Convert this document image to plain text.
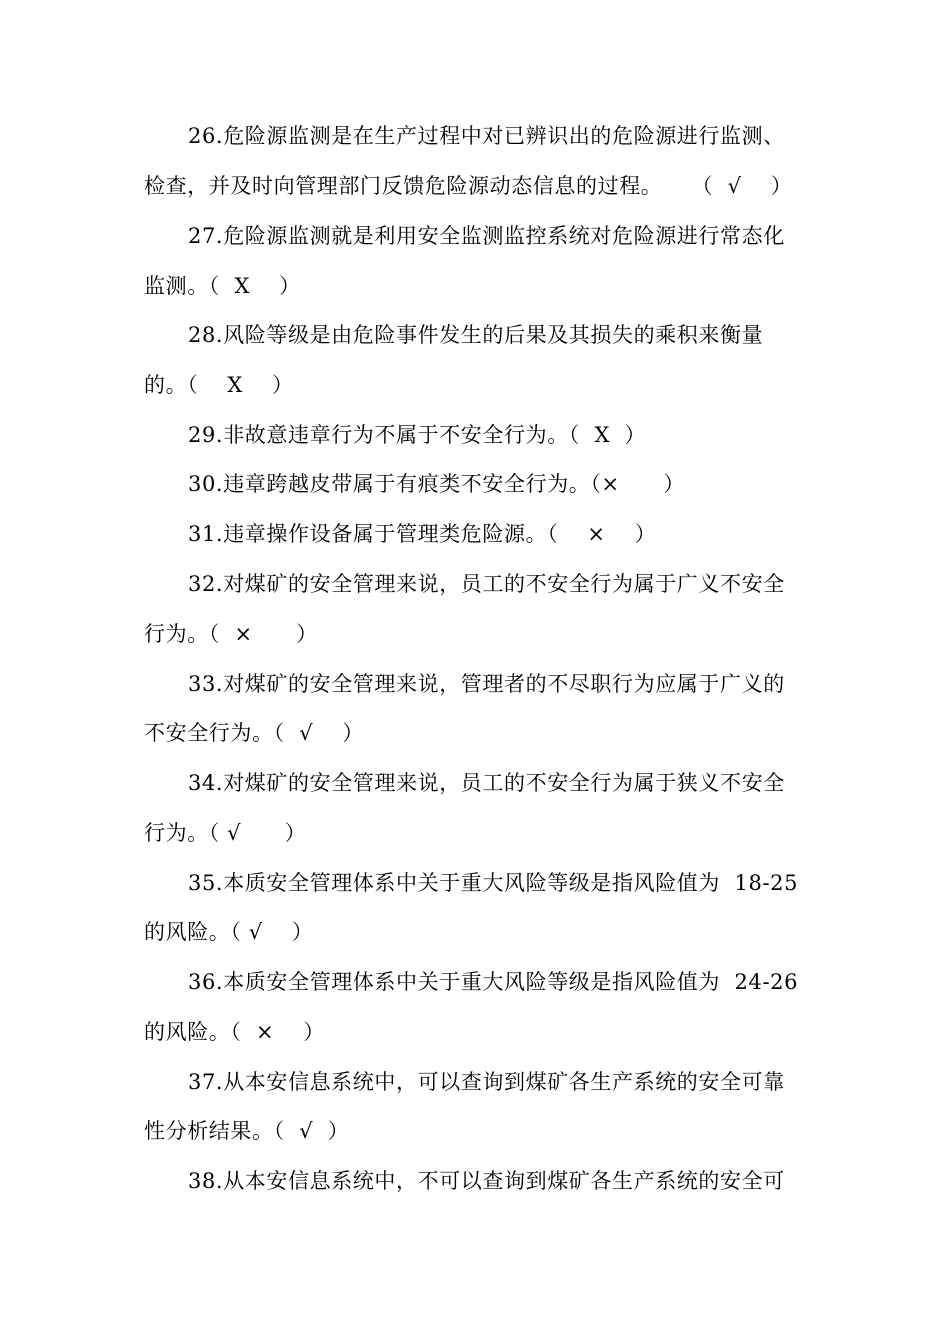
26.危险源监测是在生产过程中对已辨识出的危险源进行监测、
检查，并及时向管理部门反馈危险源动态信息的过程。    （  √    ）
27.危险源监测就是利用安全监测监控系统对危险源进行常态化
监测。（  X    ）
28.风险等级是由危险事件发生的后果及其损失的乘积来衡量
的。（    X    ）
29.非故意违章行为不属于不安全行为。（  X  ）
30.违章跨越皮带属于有痕类不安全行为。（×      ）
31.违章操作设备属于管理类危险源。（    ×    ）
32.对煤矿的安全管理来说，员工的不安全行为属于广义不安全
行为。（  ×      ）
33.对煤矿的安全管理来说，管理者的不尽职行为应属于广义的
不安全行为。（  √    ）
34.对煤矿的安全管理来说，员工的不安全行为属于狭义不安全
行为。（ √      ）
35.本质安全管理体系中关于重大风险等级是指风险值为  18-25
的风险。（ √    ）
36.本质安全管理体系中关于重大风险等级是指风险值为  24-26
的风险。（  ×    ）
37.从本安信息系统中，可以查询到煤矿各生产系统的安全可靠
性分析结果。（  √  ）
38.从本安信息系统中，不可以查询到煤矿各生产系统的安全可
